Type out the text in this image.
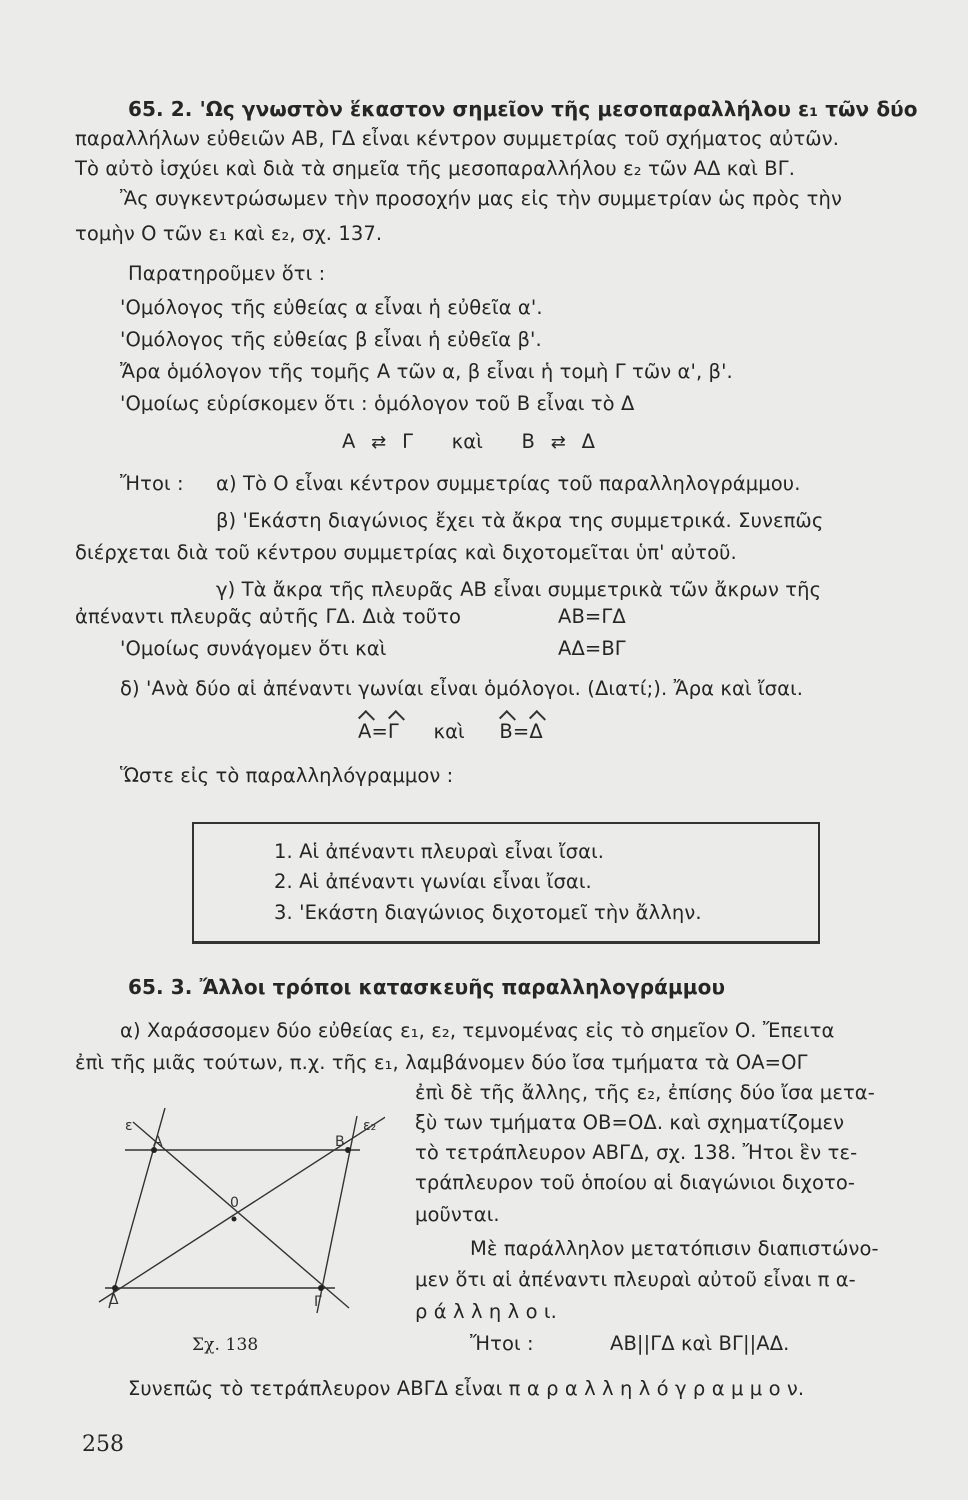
65. 2. 'Ως γνωστὸν ἕκαστον σημεῖον τῆς μεσοπαραλλήλου ε₁ τῶν δύο
παραλλήλων εὐθειῶν ΑΒ, ΓΔ εἶναι κέντρον συμμετρίας τοῦ σχήματος αὐτῶν.
Τὸ αὐτὸ ἰσχύει καὶ διὰ τὰ σημεῖα τῆς μεσοπαραλλήλου ε₂ τῶν ΑΔ καὶ ΒΓ.
Ἂς συγκεντρώσωμεν τὴν προσοχήν μας εἰς τὴν συμμετρίαν ὡς πρὸς τὴν
τομὴν Ο τῶν ε₁ καὶ ε₂, σχ. 137.
Παρατηροῦμεν ὅτι :
'Ομόλογος τῆς εὐθείας α εἶναι ἡ εὐθεῖα α'.
'Ομόλογος τῆς εὐθείας β εἶναι ἡ εὐθεῖα β'.
Ἄρα ὁμόλογον τῆς τομῆς Α τῶν α, β εἶναι ἡ τομὴ Γ τῶν α', β'.
'Ομοίως εὑρίσκομεν ὅτι : ὁμόλογον τοῦ Β εἶναι τὸ Δ
Α ⇄ Γ καὶ Β ⇄ Δ
Ἤτοι : α) Τὸ Ο εἶναι κέντρον συμμετρίας τοῦ παραλληλογράμμου.
β) 'Εκάστη διαγώνιος ἔχει τὰ ἄκρα της συμμετρικά. Συνεπῶς
διέρχεται διὰ τοῦ κέντρου συμμετρίας καὶ διχοτομεῖται ὑπ' αὐτοῦ.
γ) Τὰ ἄκρα τῆς πλευρᾶς ΑΒ εἶναι συμμετρικὰ τῶν ἄκρων τῆς
ἀπέναντι πλευρᾶς αὐτῆς ΓΔ. Διὰ τοῦτο	ΑΒ=ΓΔ
'Ομοίως συνάγομεν ὅτι καὶ	ΑΔ=ΒΓ
δ) 'Ανὰ δύο αἱ ἀπέναντι γωνίαι εἶναι ὁμόλογοι. (Διατί;). Ἄρα καὶ ἴσαι.
Α=Γ καὶ Β=Δ
Ὥστε εἰς τὸ παραλληλόγραμμον :
1. Αἱ ἀπέναντι πλευραὶ εἶναι ἴσαι.
2. Αἱ ἀπέναντι γωνίαι εἶναι ἴσαι.
3. 'Εκάστη διαγώνιος διχοτομεῖ τὴν ἄλλην.
65. 3. Ἄλλοι τρόποι κατασκευῆς παραλληλογράμμου
α) Χαράσσομεν δύο εὐθείας ε₁, ε₂, τεμνομένας εἰς τὸ σημεῖον Ο. Ἔπειτα
ἐπὶ τῆς μιᾶς τούτων, π.χ. τῆς ε₁, λαμβάνομεν δύο ἴσα τμήματα τὰ ΟΑ=ΟΓ
ἐπὶ δὲ τῆς ἄλλης, τῆς ε₂, ἐπίσης δύο ἴσα μετα-
ξὺ των τμήματα ΟΒ=ΟΔ. καὶ σχηματίζομεν
τὸ τετράπλευρον ΑΒΓΔ, σχ. 138. Ἤτοι ἓν τε-
τράπλευρον τοῦ ὁποίου αἱ διαγώνιοι διχοτο-
μοῦνται.
Μὲ παράλληλον μετατόπισιν διαπιστώνο-
μεν ὅτι αἱ ἀπέναντι πλευραὶ αὐτοῦ εἶναι π α-
ρ ά λ λ η λ ο ι.
Ἤτοι :	ΑΒ||ΓΔ καὶ ΒΓ||ΑΔ.
Συνεπῶς τὸ τετράπλευρον ΑΒΓΔ εἶναι π α ρ α λ λ η λ ό γ ρ α μ μ ο ν.
ε	ε₂
Α	Β
0
Γ
Δ
Σχ. 138
258
